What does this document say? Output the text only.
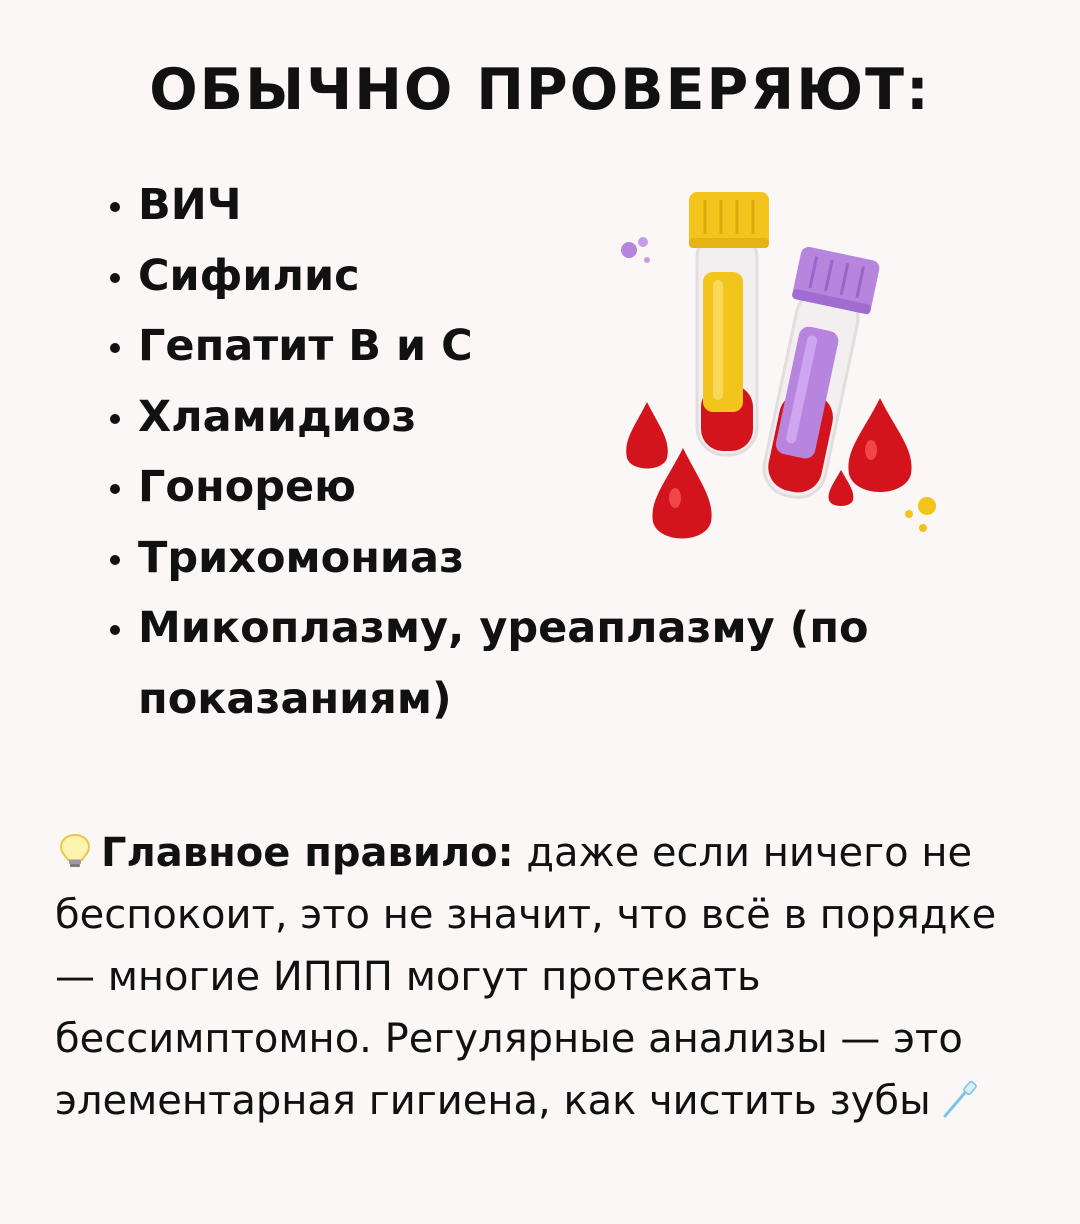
ОБЫЧНО ПРОВЕРЯЮТ:
ВИЧ
Сифилис
Гепатит B и C
Хламидиоз
Гонорею
Трихомониаз
Микоплазму, уреаплазму (по показаниям)

Главное правило: даже если ничего не беспокоит, это не значит, что всё в порядке — многие ИППП могут протекать бессимптомно. Регулярные анализы — это элементарная гигиена, как чистить зубы
